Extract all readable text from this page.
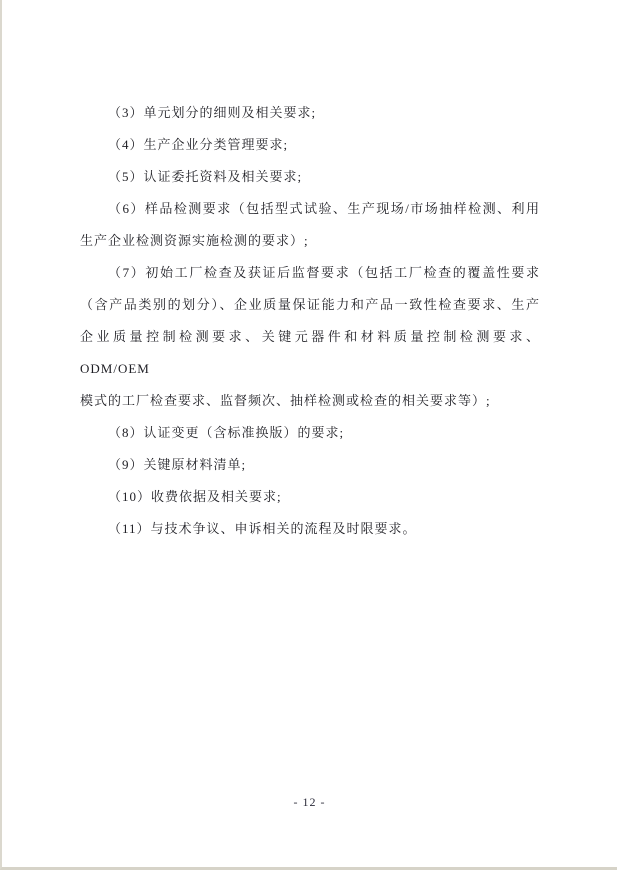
（3）单元划分的细则及相关要求;

（4）生产企业分类管理要求;

（5）认证委托资料及相关要求;

（6）样品检测要求（包括型式试验、生产现场/市场抽样检测、利用
生产企业检测资源实施检测的要求）;

（7）初始工厂检查及获证后监督要求（包括工厂检查的覆盖性要求
（含产品类别的划分）、企业质量保证能力和产品一致性检查要求、生产
企业质量控制检测要求、关键元器件和材料质量控制检测要求、ODM/OEM
模式的工厂检查要求、监督频次、抽样检测或检查的相关要求等）;

（8）认证变更（含标准换版）的要求;

（9）关键原材料清单;

（10）收费依据及相关要求;

（11）与技术争议、申诉相关的流程及时限要求。

- 12 -
